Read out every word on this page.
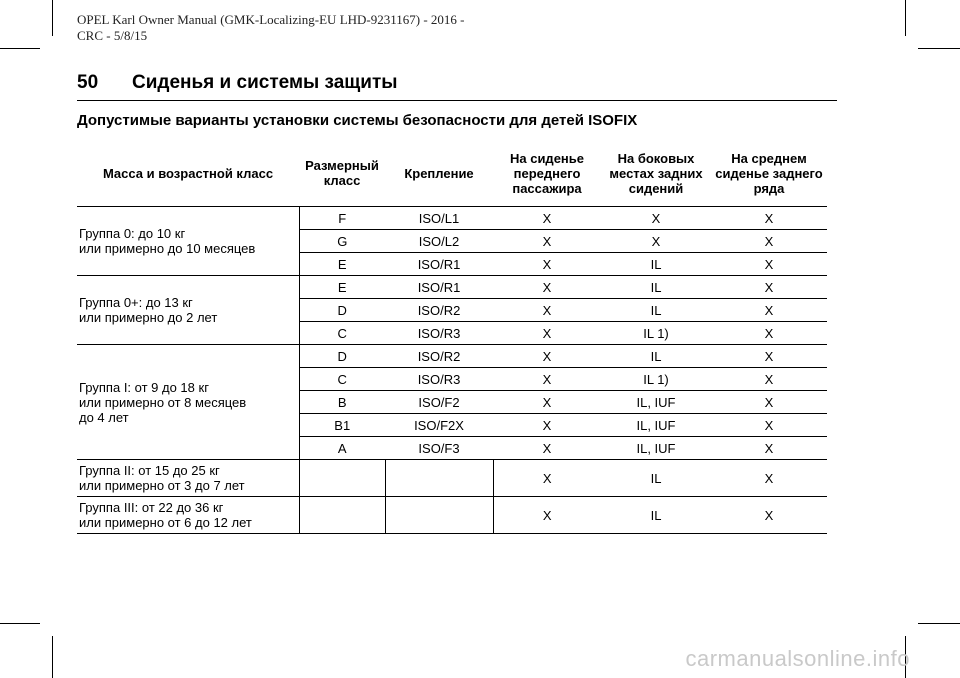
OPEL Karl Owner Manual (GMK-Localizing-EU LHD-9231167) - 2016 -
CRC - 5/8/15
50 Сиденья и системы защиты
Допустимые варианты установки системы безопасности для детей ISOFIX
Масса и возрастной класс	Размерный класс	Крепление	На сиденье переднего пассажира	На боковых местах задних сидений	На среднем сиденье заднего ряда

Группа 0: до 10 кг
или примерно до 10 месяцев	F	ISO/L1	X	X	X
	G	ISO/L2	X	X	X
	E	ISO/R1	X	IL	X

Группа 0+: до 13 кг
или примерно до 2 лет	E	ISO/R1	X	IL	X
	D	ISO/R2	X	IL	X
	C	ISO/R3	X	IL 1)	X

Группа I: от 9 до 18 кг
или примерно от 8 месяцев
до 4 лет	D	ISO/R2	X	IL	X
	C	ISO/R3	X	IL 1)	X
	B	ISO/F2	X	IL, IUF	X
	B1	ISO/F2X	X	IL, IUF	X
	A	ISO/F3	X	IL, IUF	X

Группа II: от 15 до 25 кг
или примерно от 3 до 7 лет			X	IL	X

Группа III: от 22 до 36 кг
или примерно от 6 до 12 лет			X	IL	X
carmanualsonline.info
